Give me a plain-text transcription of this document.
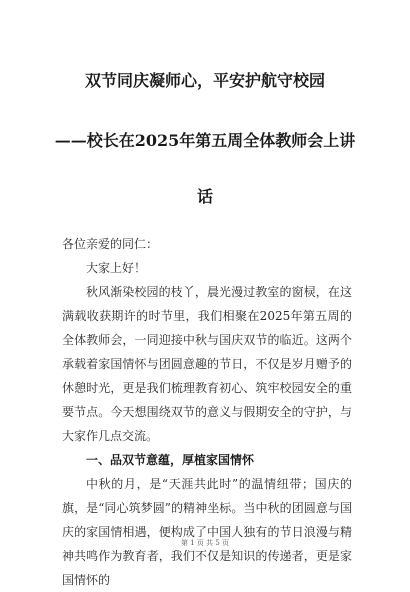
双节同庆凝师心，平安护航守校园
——校长在2025年第五周全体教师会上讲
话

各位亲爱的同仁：

大家上好！

秋风渐染校园的枝丫，晨光漫过教室的窗棂，在这满载收获期许的时节里，我们相聚在2025年第五周的全体教师会，一同迎接中秋与国庆双节的临近。这两个承载着家国情怀与团圆意趣的节日，不仅是岁月赠予的休憩时光，更是我们梳理教育初心、筑牢校园安全的重要节点。今天想围绕双节的意义与假期安全的守护，与大家作几点交流。

一、品双节意蕴，厚植家国情怀

中秋的月，是“天涯共此时”的温情纽带；国庆的旗，是“同心筑梦圆”的精神坐标。当中秋的团圆意与国庆的家国情相遇，便构成了中国人独有的节日浪漫与精神共鸣作为教育者，我们不仅是知识的传递者，更是家国情怀的

第 1 页 共 5 页
